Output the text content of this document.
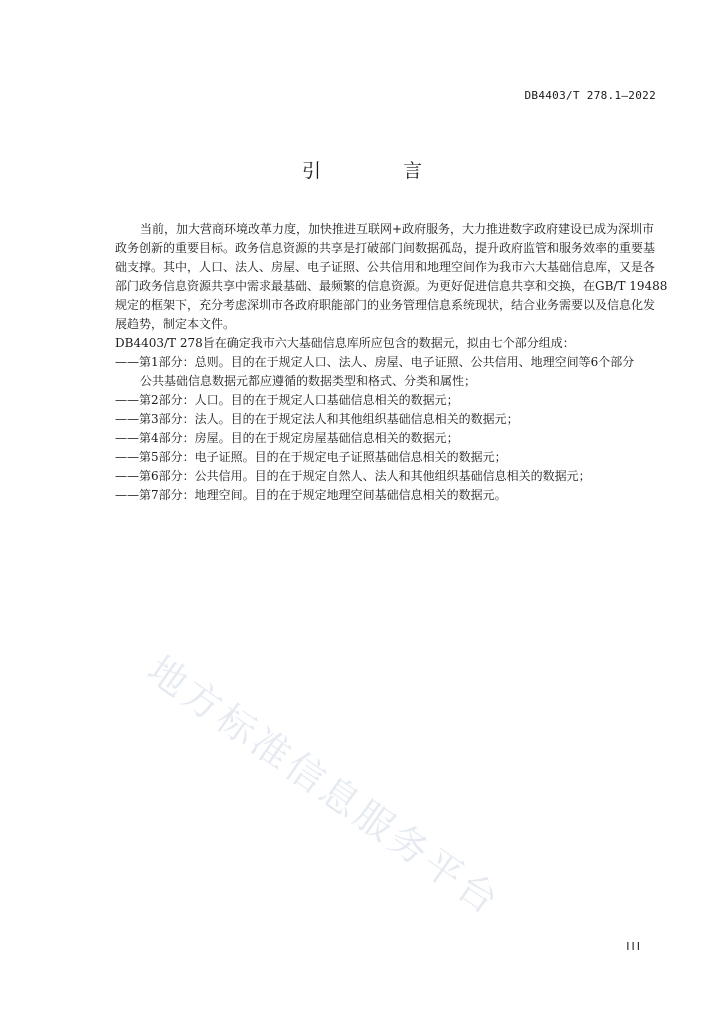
DB4403/T 278.1—2022
引 言
当前，加大营商环境改革力度，加快推进互联网+政府服务，大力推进数字政府建设已成为深圳市
政务创新的重要目标。政务信息资源的共享是打破部门间数据孤岛，提升政府监管和服务效率的重要基
础支撑。其中，人口、法人、房屋、电子证照、公共信用和地理空间作为我市六大基础信息库，又是各
部门政务信息资源共享中需求最基础、最频繁的信息资源。为更好促进信息共享和交换，在GB/T 19488
规定的框架下，充分考虑深圳市各政府职能部门的业务管理信息系统现状，结合业务需要以及信息化发
展趋势，制定本文件。
DB4403/T 278旨在确定我市六大基础信息库所应包含的数据元，拟由七个部分组成：
——第1部分：总则。目的在于规定人口、法人、房屋、电子证照、公共信用、地理空间等6个部分
公共基础信息数据元都应遵循的数据类型和格式、分类和属性；
——第2部分：人口。目的在于规定人口基础信息相关的数据元；
——第3部分：法人。目的在于规定法人和其他组织基础信息相关的数据元；
——第4部分：房屋。目的在于规定房屋基础信息相关的数据元；
——第5部分：电子证照。目的在于规定电子证照基础信息相关的数据元；
——第6部分：公共信用。目的在于规定自然人、法人和其他组织基础信息相关的数据元；
——第7部分：地理空间。目的在于规定地理空间基础信息相关的数据元。
地方标准信息服务平台
III
